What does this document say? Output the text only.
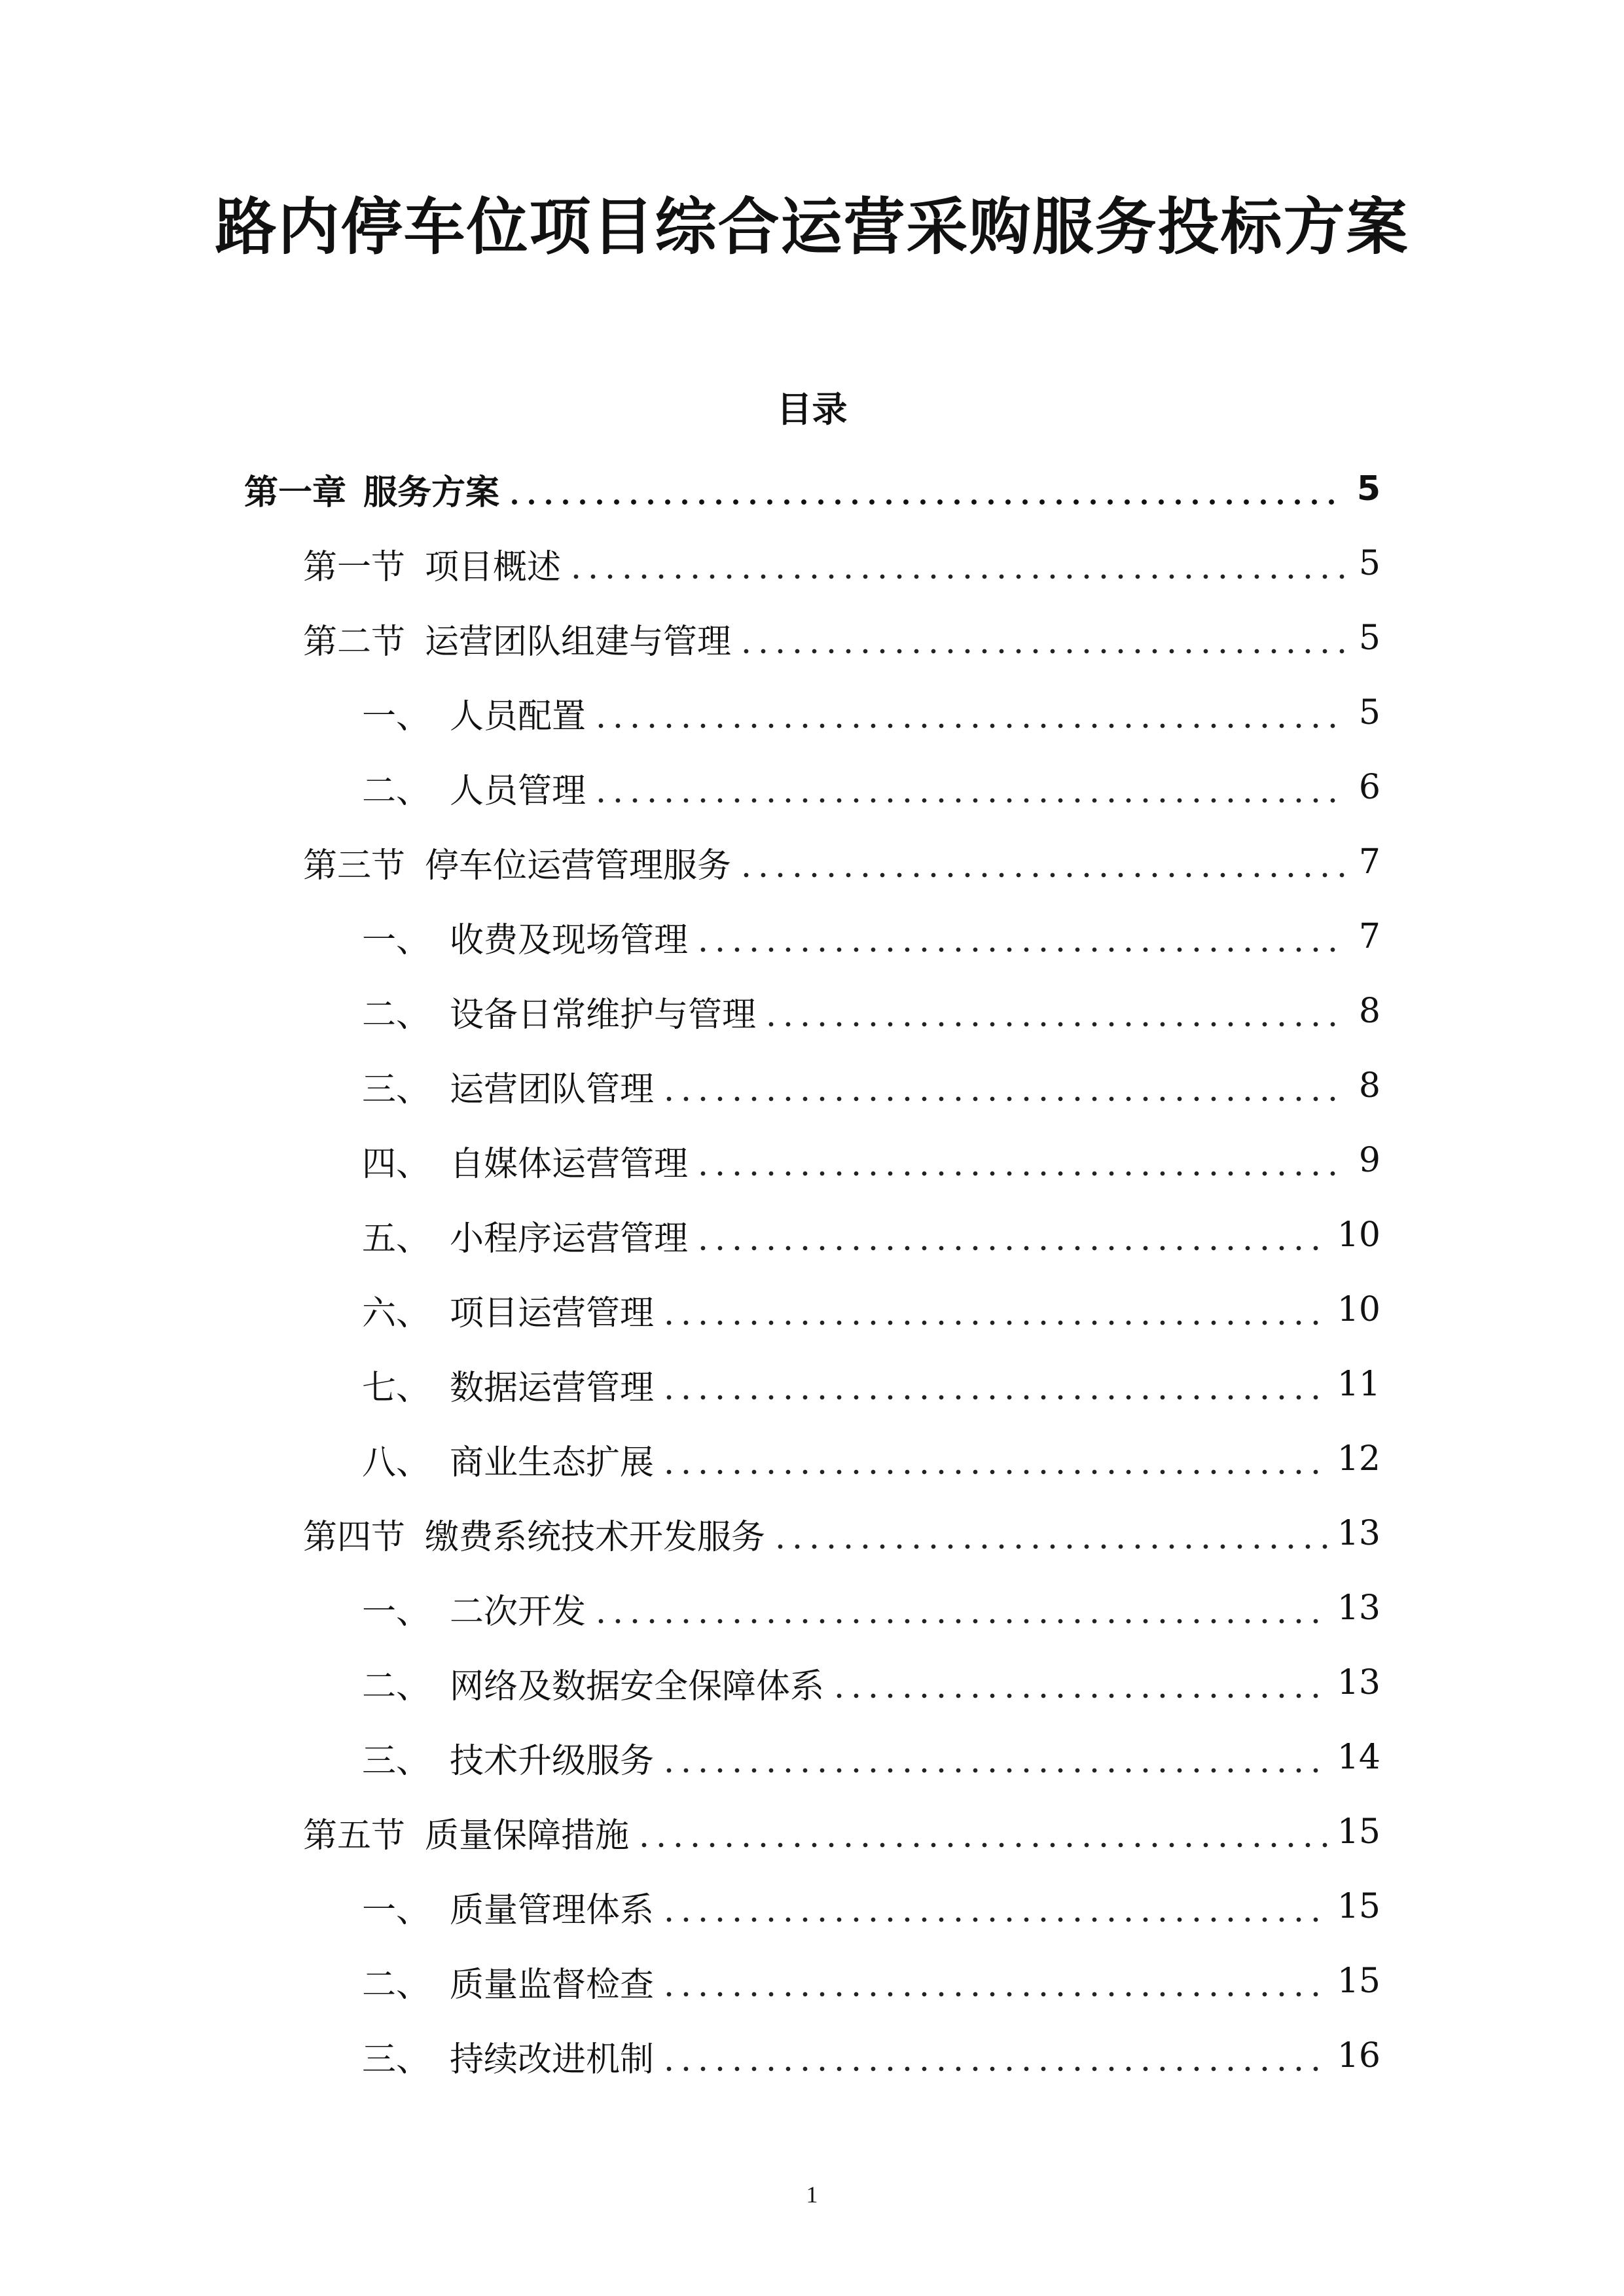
路内停车位项目综合运营采购服务投标方案
目录
第一章 服务方案	5
第一节 项目概述	5
第二节 运营团队组建与管理	5
一、 人员配置	5
二、 人员管理	6
第三节 停车位运营管理服务	7
一、 收费及现场管理	7
二、 设备日常维护与管理	8
三、 运营团队管理	8
四、 自媒体运营管理	9
五、 小程序运营管理	10
六、 项目运营管理	10
七、 数据运营管理	11
八、 商业生态扩展	12
第四节 缴费系统技术开发服务	13
一、 二次开发	13
二、 网络及数据安全保障体系	13
三、 技术升级服务	14
第五节 质量保障措施	15
一、 质量管理体系	15
二、 质量监督检查	15
三、 持续改进机制	16

1
